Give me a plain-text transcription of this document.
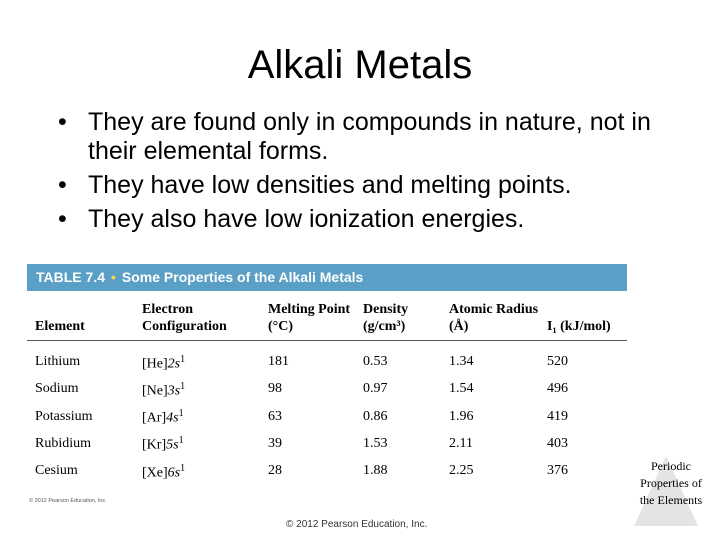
Alkali Metals
• They are found only in compounds in nature, not in their elemental forms.
• They have low densities and melting points.
• They also have low ionization energies.
TABLE 7.4 • Some Properties of the Alkali Metals
Element	Electron Configuration	Melting Point (°C)	Density (g/cm³)	Atomic Radius (Å)	I₁ (kJ/mol)
Lithium	$[He]2s^1$	181	0.53	1.34	520
Sodium	$[Ne]3s^1$	98	0.97	1.54	496
Potassium	$[Ar]4s^1$	63	0.86	1.96	419
Rubidium	$[Kr]5s^1$	39	1.53	2.11	403
Cesium	$[Xe]6s^1$	28	1.88	2.25	376
© 2012 Pearson Education, Inc.
© 2012 Pearson Education, Inc.
Periodic Properties of the Elements
